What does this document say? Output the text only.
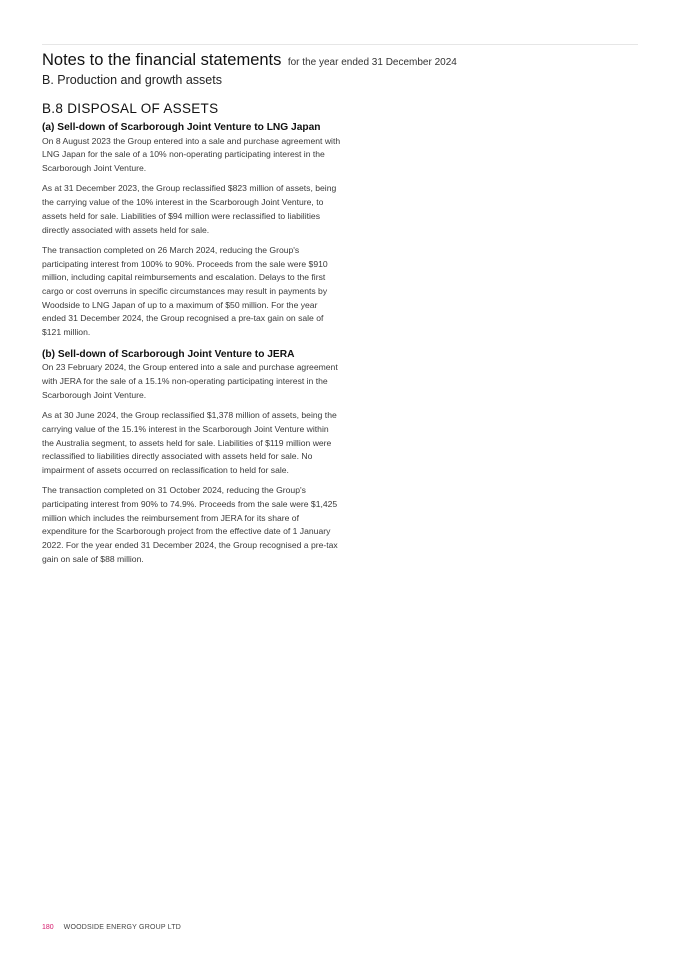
Notes to the financial statements for the year ended 31 December 2024
B. Production and growth assets
B.8 DISPOSAL OF ASSETS
(a) Sell-down of Scarborough Joint Venture to LNG Japan

On 8 August 2023 the Group entered into a sale and purchase agreement with LNG Japan for the sale of a 10% non-operating participating interest in the Scarborough Joint Venture.

As at 31 December 2023, the Group reclassified $823 million of assets, being the carrying value of the 10% interest in the Scarborough Joint Venture, to assets held for sale. Liabilities of $94 million were reclassified to liabilities directly associated with assets held for sale.

The transaction completed on 26 March 2024, reducing the Group's participating interest from 100% to 90%. Proceeds from the sale were $910 million, including capital reimbursements and escalation. Delays to the first cargo or cost overruns in specific circumstances may result in payments by Woodside to LNG Japan of up to a maximum of $50 million. For the year ended 31 December 2024, the Group recognised a pre-tax gain on sale of $121 million.

(b) Sell-down of Scarborough Joint Venture to JERA

On 23 February 2024, the Group entered into a sale and purchase agreement with JERA for the sale of a 15.1% non-operating participating interest in the Scarborough Joint Venture.

As at 30 June 2024, the Group reclassified $1,378 million of assets, being the carrying value of the 15.1% interest in the Scarborough Joint Venture within the Australia segment, to assets held for sale. Liabilities of $119 million were reclassified to liabilities directly associated with assets held for sale. No impairment of assets occurred on reclassification to held for sale.

The transaction completed on 31 October 2024, reducing the Group's participating interest from 90% to 74.9%. Proceeds from the sale were $1,425 million which includes the reimbursement from JERA for its share of expenditure for the Scarborough project from the effective date of 1 January 2022. For the year ended 31 December 2024, the Group recognised a pre-tax gain on sale of $88 million.

180 WOODSIDE ENERGY GROUP LTD
